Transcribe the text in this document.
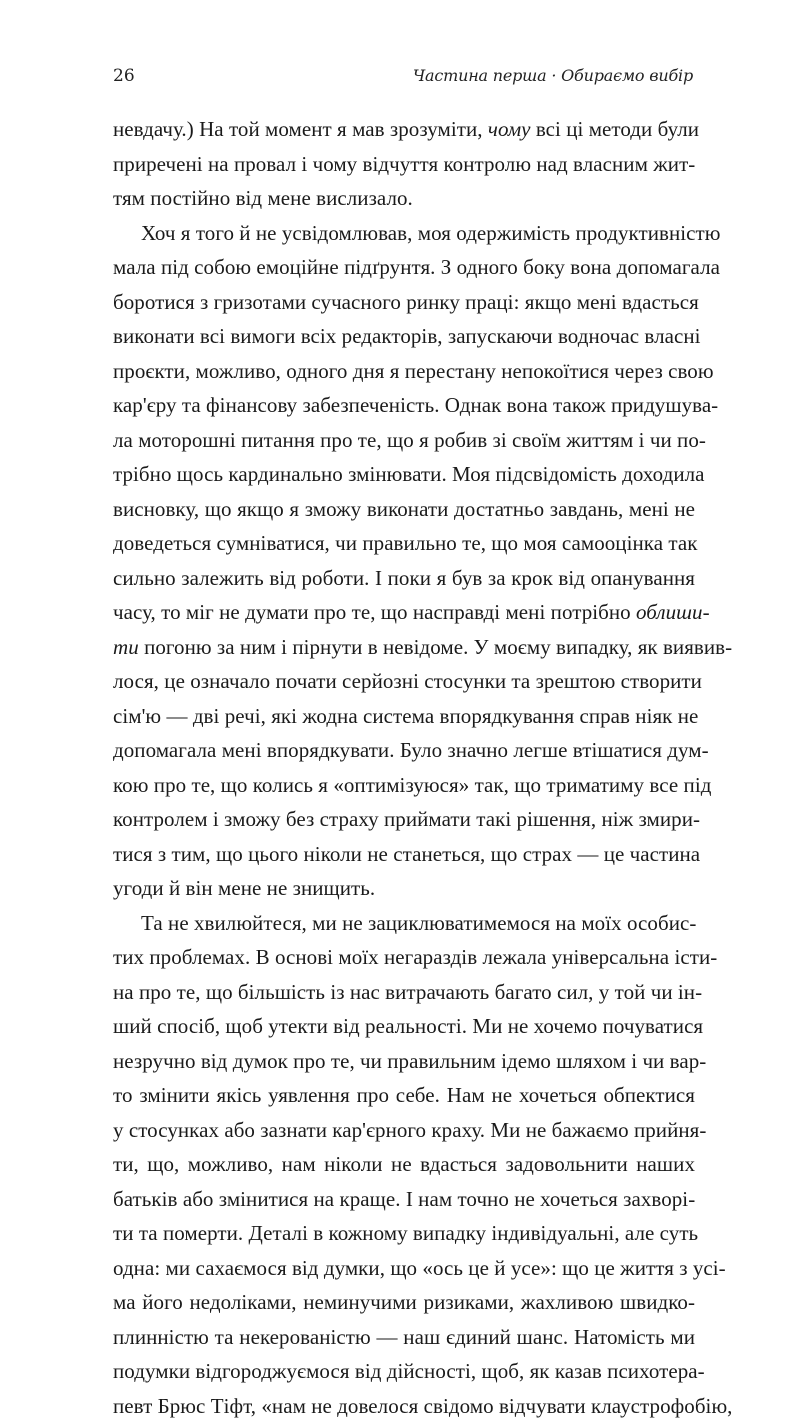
26	Частина перша · Обираємо вибір
невдачу.) На той момент я мав зрозуміти, чому всі ці методи були
приречені на провал і чому відчуття контролю над власним жит-
тям постійно від мене вислизало.
Хоч я того й не усвідомлював, моя одержимість продуктивністю
мала під собою емоційне підґрунтя. З одного боку вона допомагала
боротися з гризотами сучасного ринку праці: якщо мені вдасться
виконати всі вимоги всіх редакторів, запускаючи водночас власні
проєкти, можливо, одного дня я перестану непокоїтися через свою
кар'єру та фінансову забезпеченість. Однак вона також придушува-
ла моторошні питання про те, що я робив зі своїм життям і чи по-
трібно щось кардинально змінювати. Моя підсвідомість доходила
висновку, що якщо я зможу виконати достатньо завдань, мені не
доведеться сумніватися, чи правильно те, що моя самооцінка так
сильно залежить від роботи. І поки я був за крок від опанування
часу, то міг не думати про те, що насправді мені потрібно облиши-
ти погоню за ним і пірнути в невідоме. У моєму випадку, як виявив-
лося, це означало почати серйозні стосунки та зрештою створити
сім'ю — дві речі, які жодна система впорядкування справ ніяк не
допомагала мені впорядкувати. Було значно легше втішатися дум-
кою про те, що колись я «оптимізуюся» так, що триматиму все під
контролем і зможу без страху приймати такі рішення, ніж змири-
тися з тим, що цього ніколи не станеться, що страх — це частина
угоди й він мене не знищить.
Та не хвилюйтеся, ми не зациклюватимемося на моїх особис-
тих проблемах. В основі моїх негараздів лежала універсальна істи-
на про те, що більшість із нас витрачають багато сил, у той чи ін-
ший спосіб, щоб утекти від реальності. Ми не хочемо почуватися
незручно від думок про те, чи правильним ідемо шляхом і чи вар-
то змінити якісь уявлення про себе. Нам не хочеться обпектися
у стосунках або зазнати кар'єрного краху. Ми не бажаємо прийня-
ти, що, можливо, нам ніколи не вдасться задовольнити наших
батьків або змінитися на краще. І нам точно не хочеться захворі-
ти та померти. Деталі в кожному випадку індивідуальні, але суть
одна: ми сахаємося від думки, що «ось це й усе»: що це життя з усі-
ма його недоліками, неминучими ризиками, жахливою швидко-
плинністю та некерованістю — наш єдиний шанс. Натомість ми
подумки відгороджуємося від дійсності, щоб, як казав психотера-
певт Брюс Тіфт, «нам не довелося свідомо відчувати клаустрофобію,
